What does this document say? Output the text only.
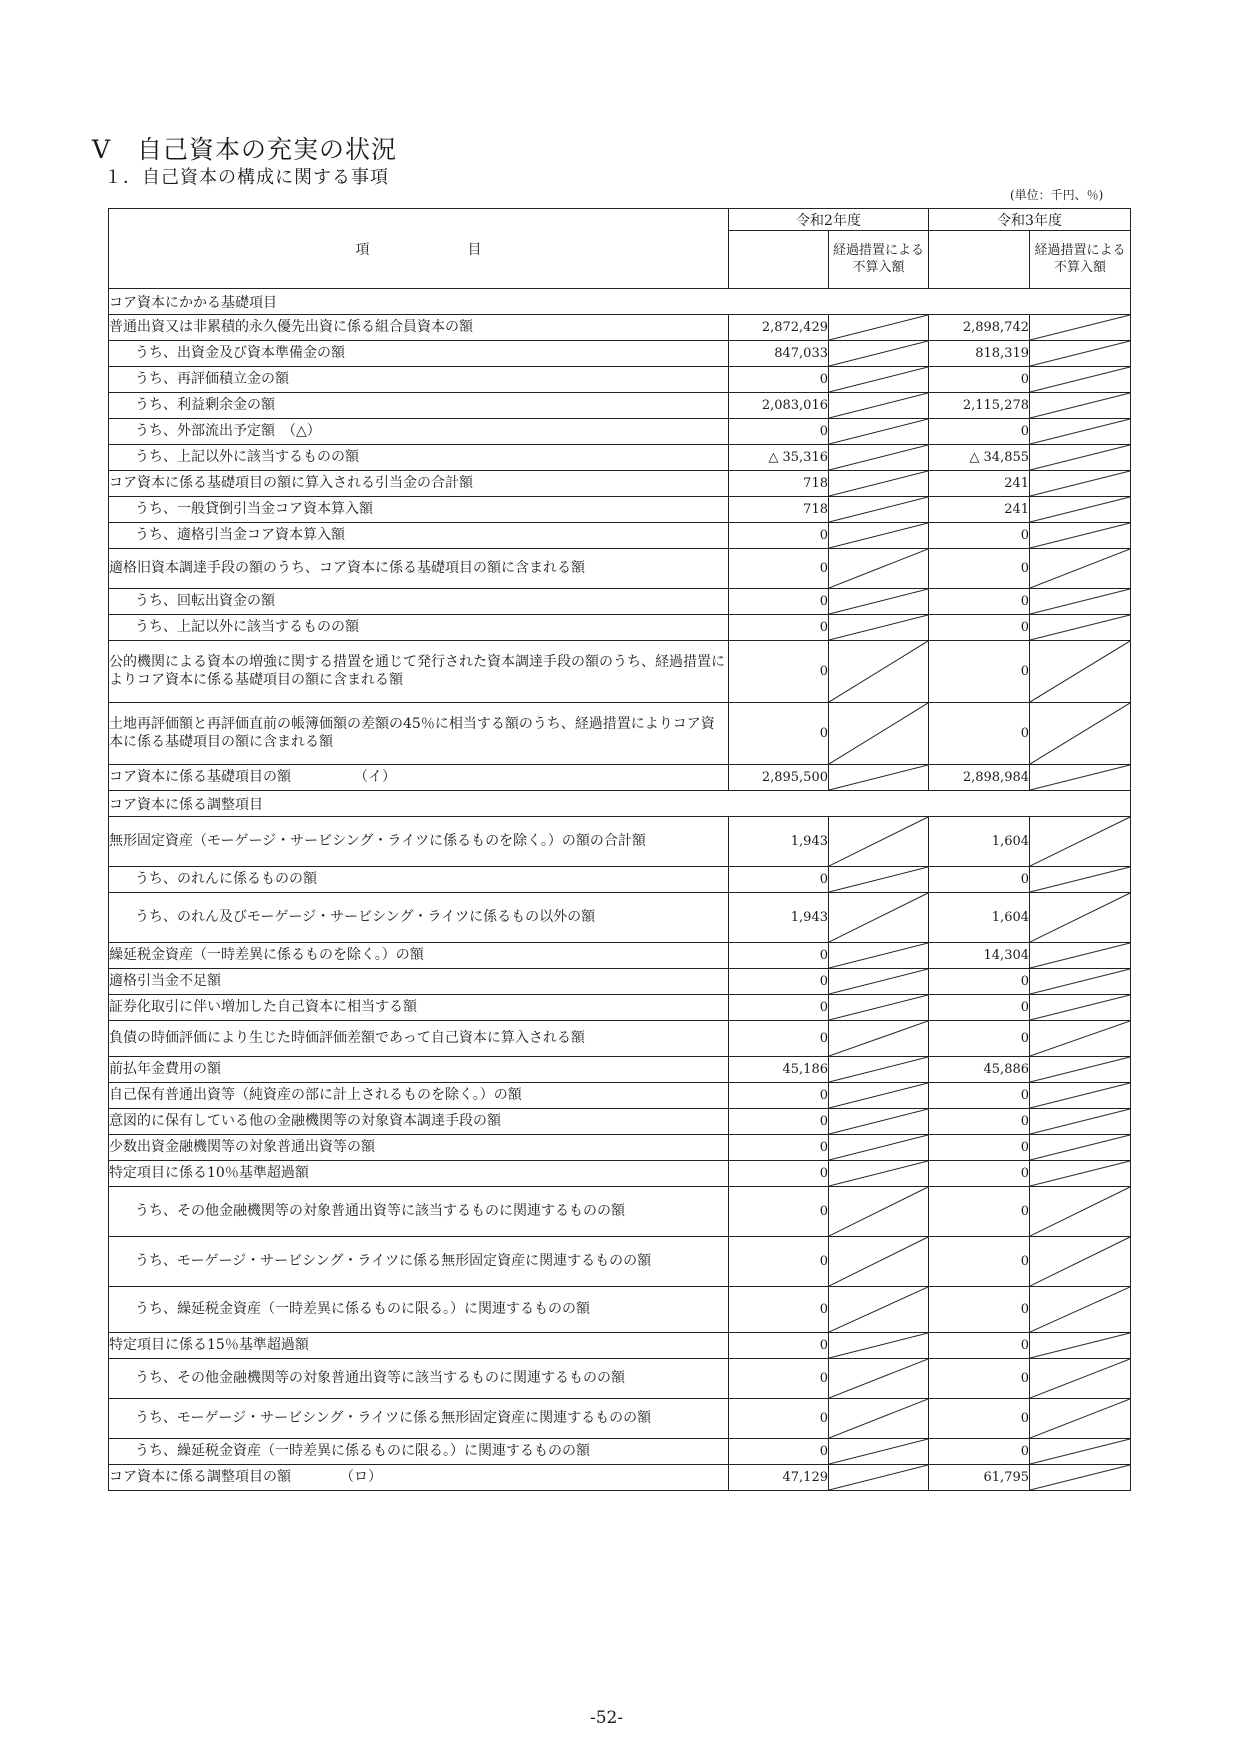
V　自己資本の充実の状況
１．自己資本の構成に関する事項
(単位：千円、％)
項　　　　　　　目	令和2年度		令和3年度	
		経過措置による不算入額		経過措置による不算入額
コア資本にかかる基礎項目				
普通出資又は非累積的永久優先出資に係る組合員資本の額	2,872,429		2,898,742	

うち、出資金及び資本準備金の額	847,033		818,319	

うち、再評価積立金の額	0		0	

うち、利益剰余金の額	2,083,016		2,115,278	

うち、外部流出予定額　（△）	0		0	

うち、上記以外に該当するものの額	△ 35,316		△ 34,855	

コア資本に係る基礎項目の額に算入される引当金の合計額	718		241	

うち、一般貸倒引当金コア資本算入額	718		241	

うち、適格引当金コア資本算入額	0		0	

適格旧資本調達手段の額のうち、コア資本に係る基礎項目の額に含まれる額	0		0	

うち、回転出資金の額	0		0	

うち、上記以外に該当するものの額	0		0	

公的機関による資本の増強に関する措置を通じて発行された資本調達手段の額のうち、経過措置によりコア資本に係る基礎項目の額に含まれる額	0		0	

土地再評価額と再評価直前の帳簿価額の差額の45％に相当する額のうち、経過措置によりコア資本に係る基礎項目の額に含まれる額	0		0	

コア資本に係る基礎項目の額　　　　　（イ）	2,895,500		2,898,984	

コア資本に係る調整項目				
無形固定資産（モーゲージ・サービシング・ライツに係るものを除く。）の額の合計額	1,943		1,604	

うち、のれんに係るものの額	0		0	

うち、のれん及びモーゲージ・サービシング・ライツに係るもの以外の額	1,943		1,604	

繰延税金資産（一時差異に係るものを除く。）の額	0		14,304	

適格引当金不足額	0		0	

証券化取引に伴い増加した自己資本に相当する額	0		0	

負債の時価評価により生じた時価評価差額であって自己資本に算入される額	0		0	

前払年金費用の額	45,186		45,886	

自己保有普通出資等（純資産の部に計上されるものを除く。）の額	0		0	

意図的に保有している他の金融機関等の対象資本調達手段の額	0		0	

少数出資金融機関等の対象普通出資等の額	0		0	

特定項目に係る10％基準超過額	0		0	

うち、その他金融機関等の対象普通出資等に該当するものに関連するものの額	0		0	

うち、モーゲージ・サービシング・ライツに係る無形固定資産に関連するものの額	0		0	

うち、繰延税金資産（一時差異に係るものに限る。）に関連するものの額	0		0	

特定項目に係る15％基準超過額	0		0	

うち、その他金融機関等の対象普通出資等に該当するものに関連するものの額	0		0	

うち、モーゲージ・サービシング・ライツに係る無形固定資産に関連するものの額	0		0	

うち、繰延税金資産（一時差異に係るものに限る。）に関連するものの額	0		0	

コア資本に係る調整項目の額　　　　（ロ）	47,129		61,795	
-52-
